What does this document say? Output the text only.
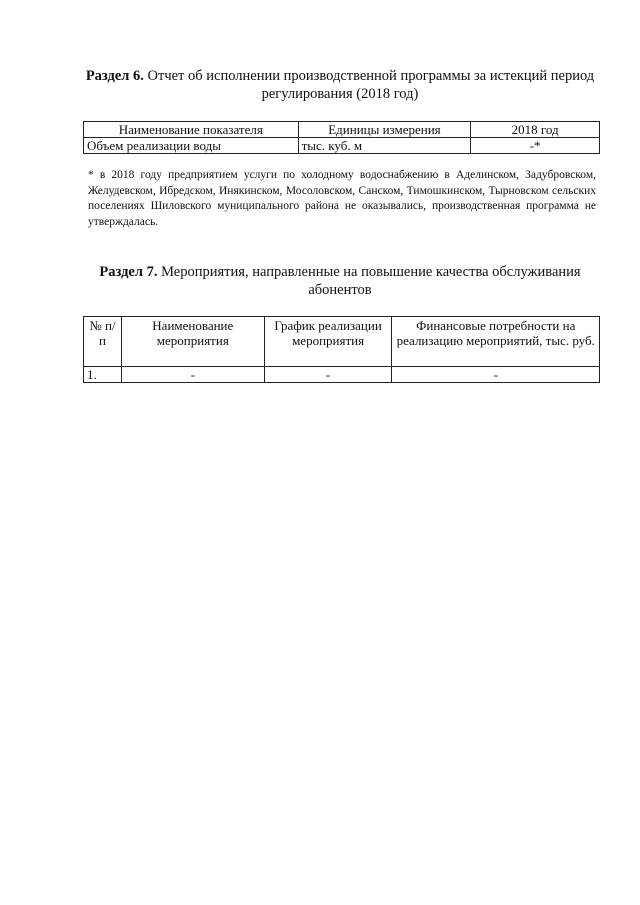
Раздел 6. Отчет об исполнении производственной программы за истекций период регулирования (2018 год)
Наименование показателя	Единицы измерения	2018 год
Объем реализации воды	тыс. куб. м	-*
* в 2018 году предприятием услуги по холодному водоснабжению в Аделинском, Задубровском, Желудевском, Ибредском, Инякинском, Мосоловском, Санском, Тимошкинском, Тырновском сельских поселениях Шиловского муниципального района не оказывались, производственная программа не утверждалась.
Раздел 7. Мероприятия, направленные на повышение качества обслуживания абонентов
№ п/п	Наименование мероприятия	График реализации мероприятия	Финансовые потребности на реализацию мероприятий, тыс. руб.
1.	-	-	-
